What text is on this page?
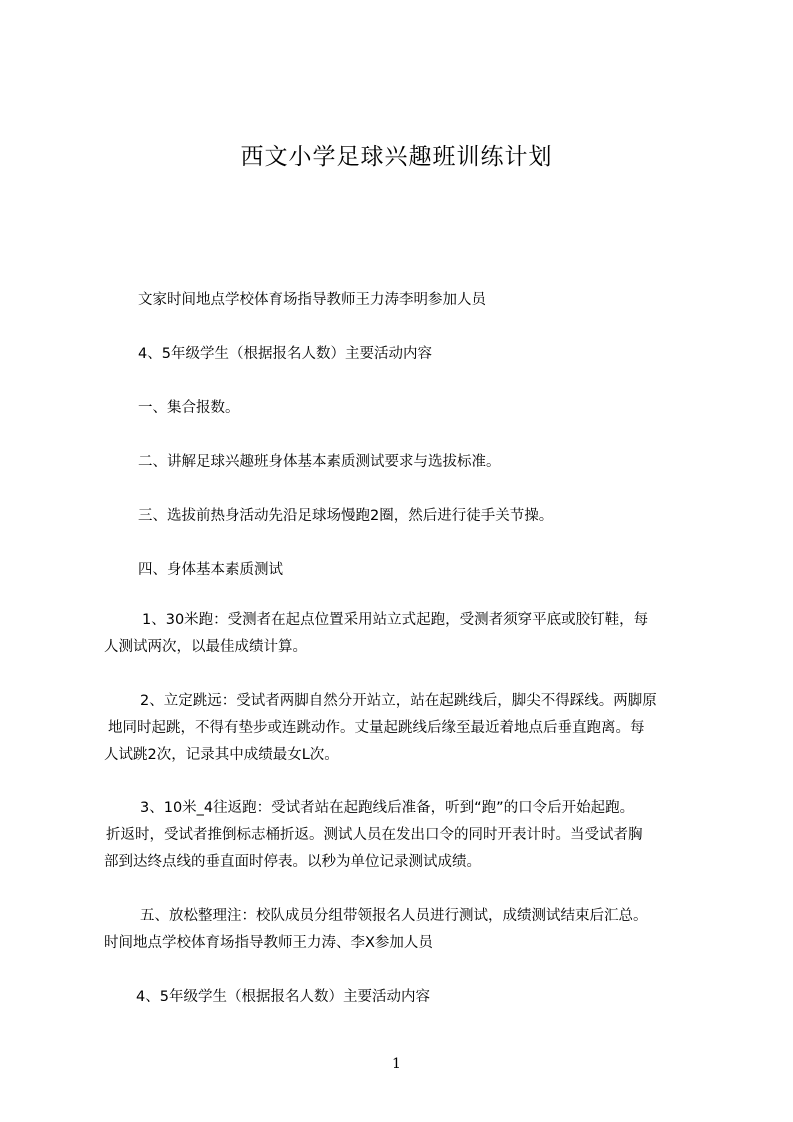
西文小学足球兴趣班训练计划

文家时间地点学校体育场指导教师王力涛李明参加人员

4、5年级学生（根据报名人数）主要活动内容

一、集合报数。

二、讲解足球兴趣班身体基本素质测试要求与选拔标准。

三、选拔前热身活动先沿足球场慢跑2圈，然后进行徒手关节操。

四、身体基本素质测试

1、30米跑：受测者在起点位置采用站立式起跑，受测者须穿平底或胶钉鞋，每

人测试两次，以最佳成绩计算。

2、立定跳远：受试者两脚自然分开站立，站在起跳线后，脚尖不得踩线。两脚原

地同时起跳，不得有垫步或连跳动作。丈量起跳线后缘至最近着地点后垂直跑离。每

人试跳2次，记录其中成绩最女L次。

3、10米_4往返跑：受试者站在起跑线后准备，听到“跑”的口令后开始起跑。

折返时，受试者推倒标志桶折返。测试人员在发出口令的同时开表计时。当受试者胸

部到达终点线的垂直面时停表。以秒为单位记录测试成绩。

五、放松整理注：校队成员分组带领报名人员进行测试，成绩测试结束后汇总。

时间地点学校体育场指导教师王力涛、李X参加人员

4、5年级学生（根据报名人数）主要活动内容

1
